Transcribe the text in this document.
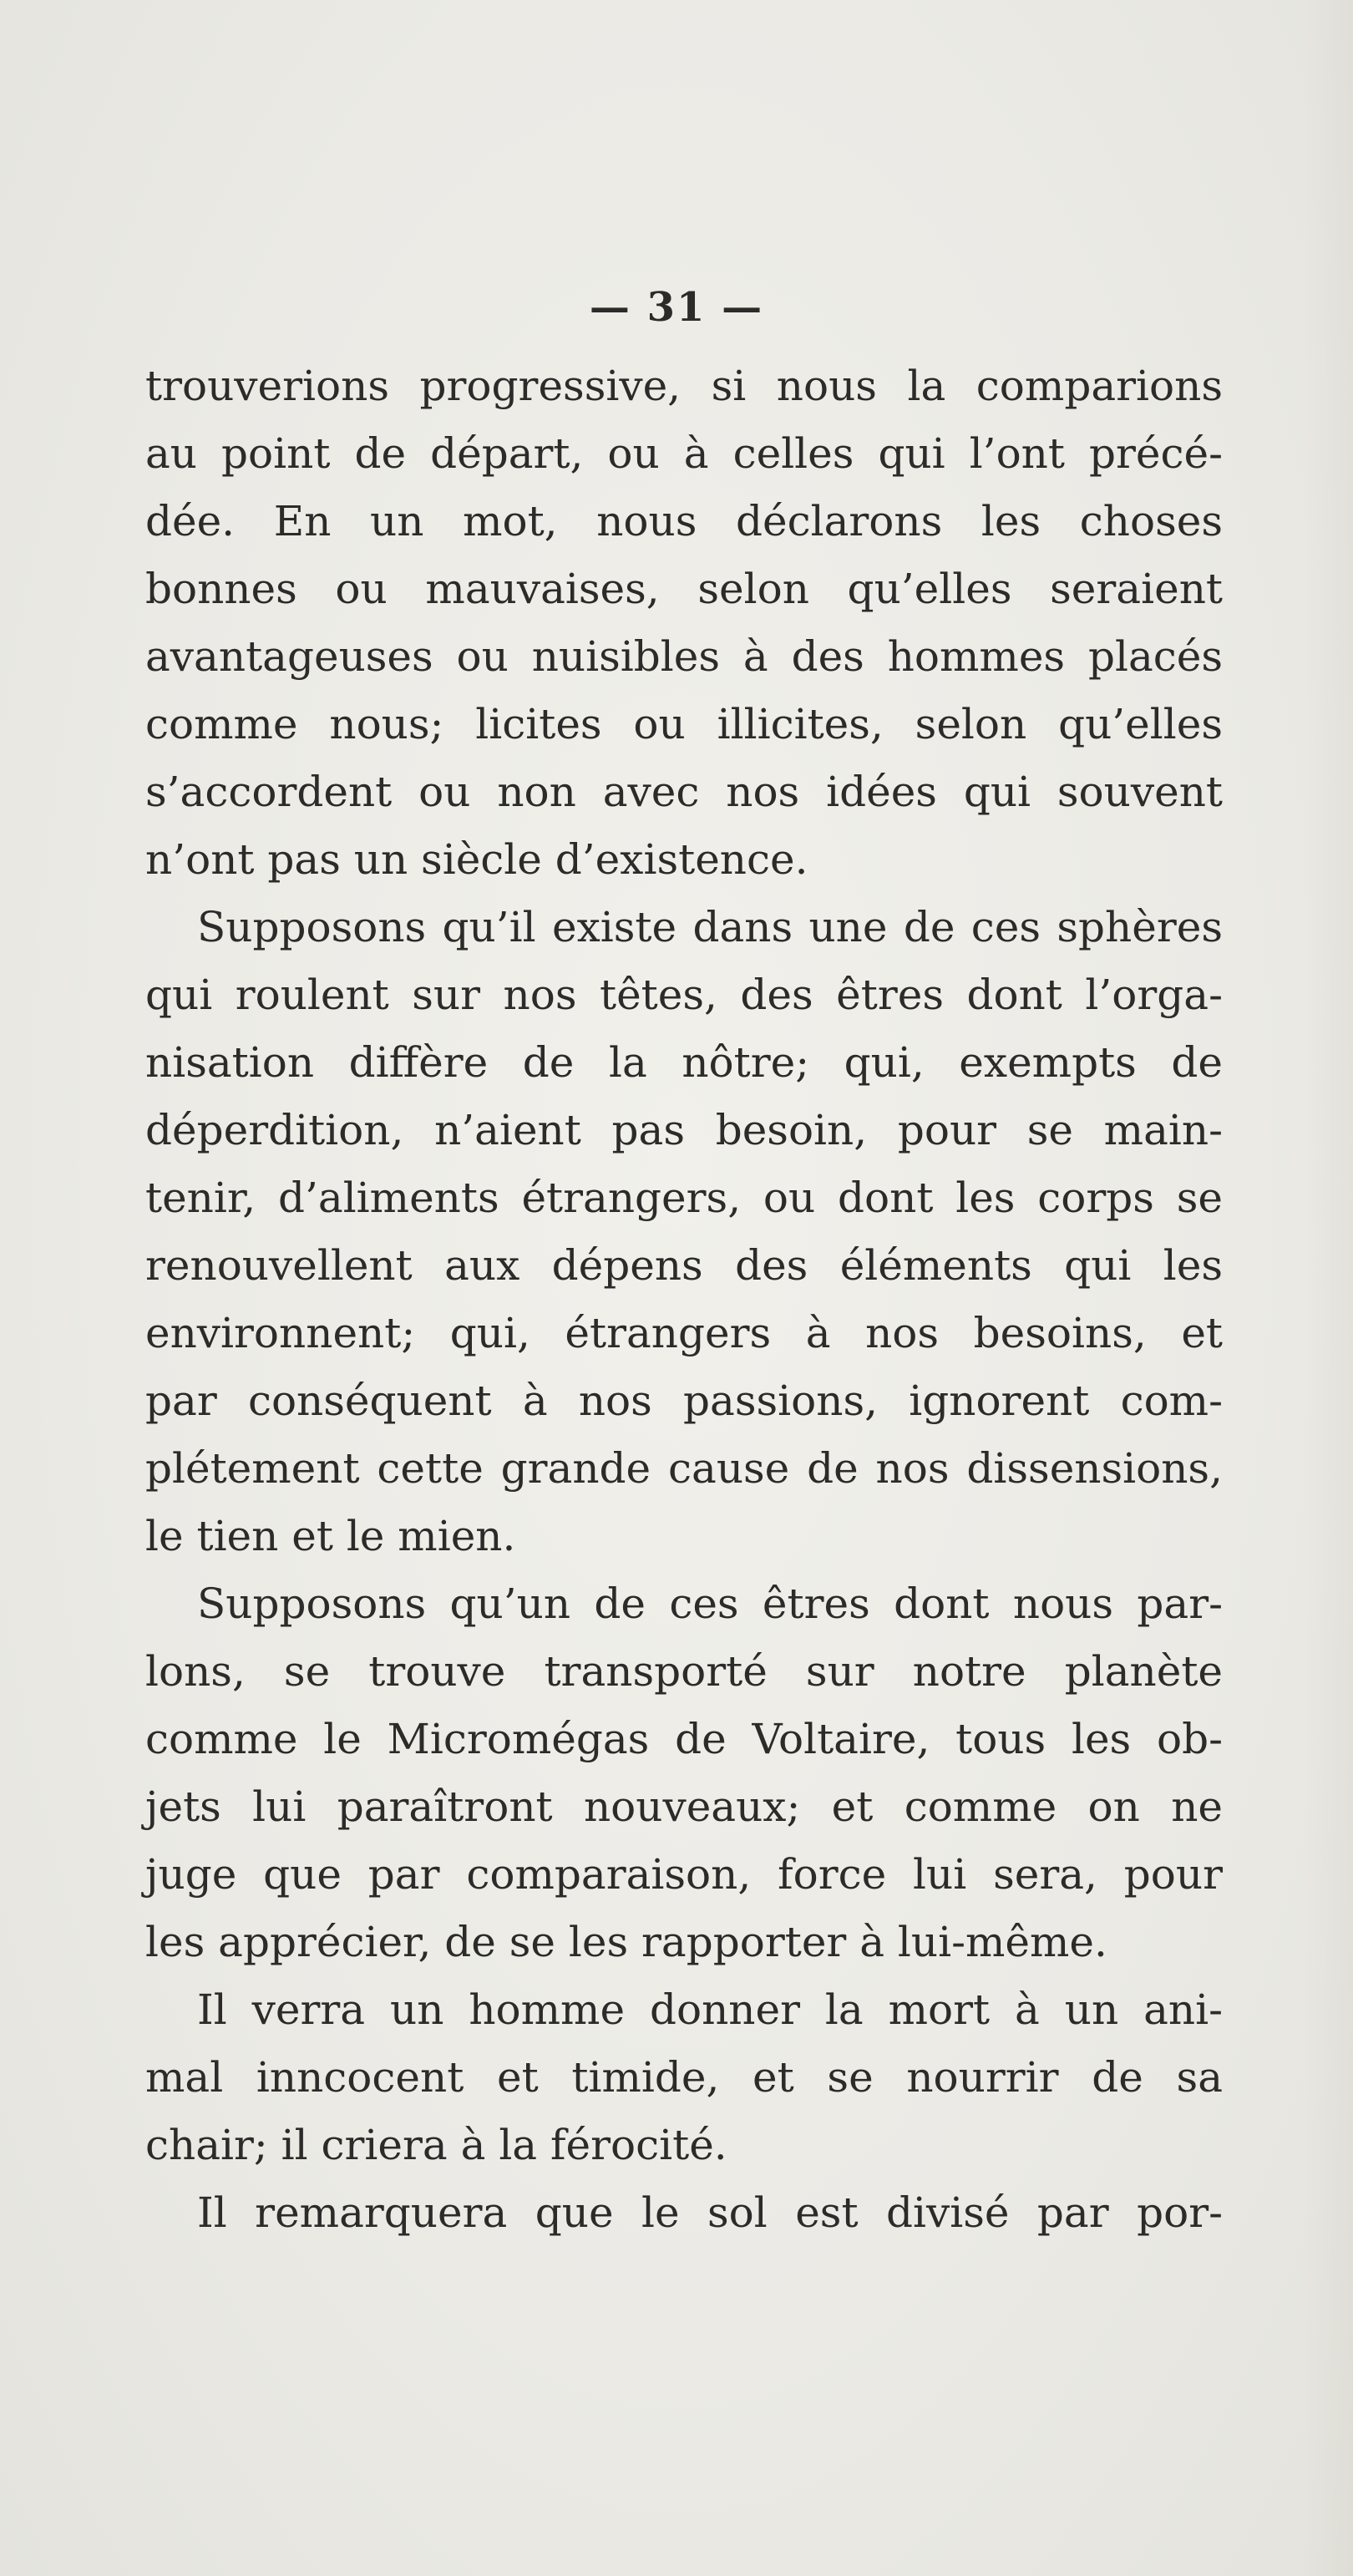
— 31 —
trouverions progressive, si nous la comparions
au point de départ, ou à celles qui l’ont précé-
dée. En un mot, nous déclarons les choses
bonnes ou mauvaises, selon qu’elles seraient
avantageuses ou nuisibles à des hommes placés
comme nous; licites ou illicites, selon qu’elles
s’accordent ou non avec nos idées qui souvent
n’ont pas un siècle d’existence.
Supposons qu’il existe dans une de ces sphères
qui roulent sur nos têtes, des êtres dont l’orga-
nisation diffère de la nôtre; qui, exempts de
déperdition, n’aient pas besoin, pour se main-
tenir, d’aliments étrangers, ou dont les corps se
renouvellent aux dépens des éléments qui les
environnent; qui, étrangers à nos besoins, et
par conséquent à nos passions, ignorent com-
plétement cette grande cause de nos dissensions,
le tien et le mien.
Supposons qu’un de ces êtres dont nous par-
lons, se trouve transporté sur notre planète
comme le Micromégas de Voltaire, tous les ob-
jets lui paraîtront nouveaux; et comme on ne
juge que par comparaison, force lui sera, pour
les apprécier, de se les rapporter à lui-même.
Il verra un homme donner la mort à un ani-
mal inncocent et timide, et se nourrir de sa
chair; il criera à la férocité.
Il remarquera que le sol est divisé par por-
